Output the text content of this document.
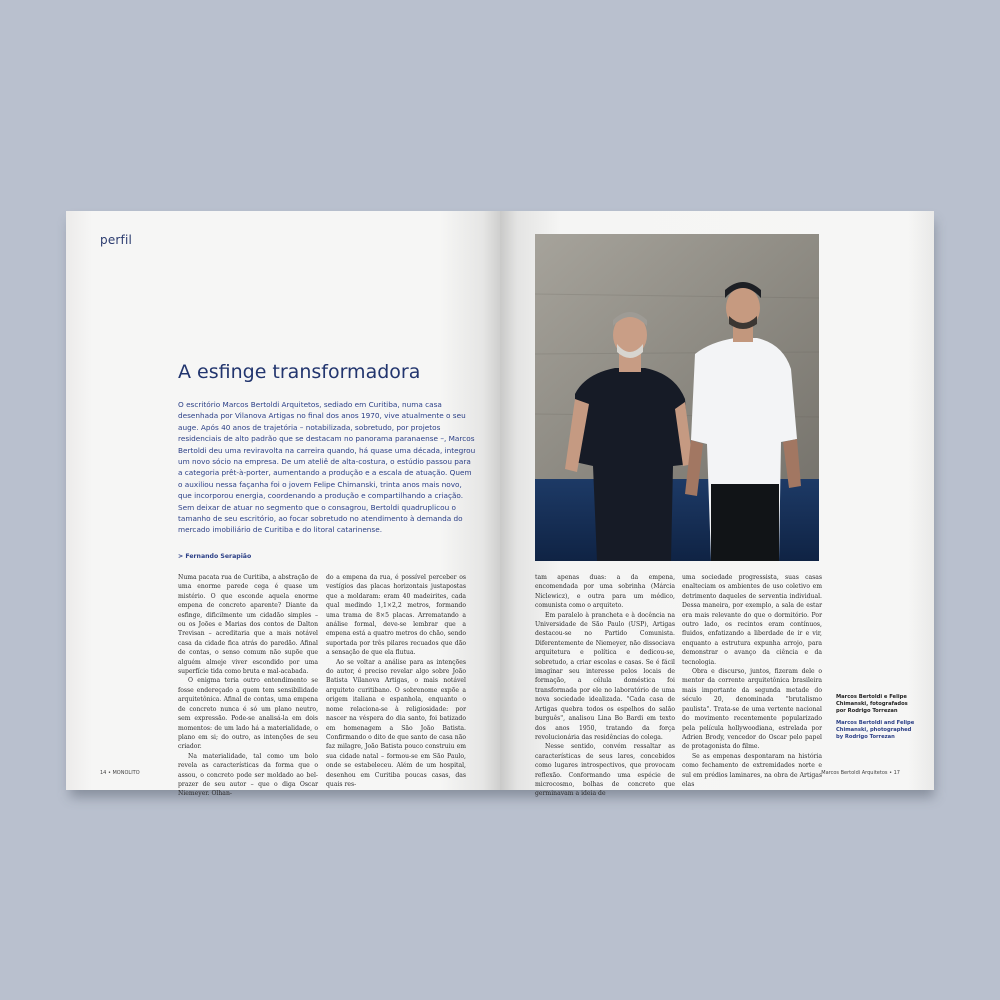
perfil
A esfinge transformadora
O escritório Marcos Bertoldi Arquitetos, sediado em Curitiba, numa casa desenhada por Vilanova Artigas no final dos anos 1970, vive atualmente o seu auge. Após 40 anos de trajetória – notabilizada, sobretudo, por projetos residenciais de alto padrão que se destacam no panorama paranaense –, Marcos Bertoldi deu uma reviravolta na carreira quando, há quase uma década, integrou um novo sócio na empresa. De um ateliê de alta-costura, o estúdio passou para a categoria prêt-à-porter, aumentando a produção e a escala de atuação. Quem o auxiliou nessa façanha foi o jovem Felipe Chimanski, trinta anos mais novo, que incorporou energia, coordenando a produção e compartilhando a criação. Sem deixar de atuar no segmento que o consagrou, Bertoldi quadruplicou o tamanho de seu escritório, ao focar sobretudo no atendimento à demanda do mercado imobiliário de Curitiba e do litoral catarinense.
> Fernando Serapião

Numa pacata rua de Curitiba, a abstração de uma enorme parede cega é quase um mistério. O que esconde aquela enorme empena de concreto aparente? Diante da esfinge, dificilmente um cidadão simples – ou os Joões e Marias dos contos de Dalton Trevisan – acreditaria que a mais notável casa da cidade fica atrás do paredão. Afinal de contas, o senso comum não supõe que alguém almeje viver escondido por uma superfície tida como bruta e mal-acabada.

O enigma teria outro entendimento se fosse endereçado a quem tem sensibilidade arquitetônica. Afinal de contas, uma empena de concreto nunca é só um plano neutro, sem expressão. Pode-se analisá-la em dois momentos: de um lado há a materialidade, o plano em si; do outro, as intenções de seu criador.

Na materialidade, tal como um bolo revela as características da forma que o assou, o concreto pode ser moldado ao bel-prazer de seu autor – que o diga Oscar Niemeyer. Olhan-

do a empena da rua, é possível perceber os vestígios das placas horizontais justapostas que a moldaram: eram 40 madeirites, cada qual medindo 1,1×2,2 metros, formando uma trama de 8×5 placas. Arrematando a análise formal, deve-se lembrar que a empena está a quatro metros do chão, sendo suportada por três pilares recuados que dão a sensação de que ela flutua.

Ao se voltar a análise para as intenções do autor, é preciso revelar algo sobre João Batista Vilanova Artigas, o mais notável arquiteto curitibano. O sobrenome expõe a origem italiana e espanhola, enquanto o nome relaciona-se à religiosidade: por nascer na véspera do dia santo, foi batizado em homenagem a São João Batista. Confirmando o dito de que santo de casa não faz milagre, João Batista pouco construiu em sua cidade natal – formou-se em São Paulo, onde se estabeleceu. Além de um hospital, desenhou em Curitiba poucas casas, das quais res-

14 • MONOLITO

tam apenas duas: a da empena, encomendada por uma sobrinha (Márcia Niclewicz), e outra para um médico, comunista como o arquiteto.

Em paralelo à prancheta e à docência na Universidade de São Paulo (USP), Artigas destacou-se no Partido Comunista. Diferentemente de Niemeyer, não dissociava arquitetura e política e dedicou-se, sobretudo, a criar escolas e casas. Se é fácil imaginar seu interesse pelos locais de formação, a célula doméstica foi transformada por ele no laboratório de uma nova sociedade idealizada. "Cada casa de Artigas quebra todos os espelhos do salão burguês", analisou Lina Bo Bardi em texto dos anos 1950, tratando da força revolucionária das residências do colega.

Nesse sentido, convém ressaltar as características de seus lares, concebidos como lugares introspectivos, que provocam reflexão. Conformando uma espécie de microcosmo, bolhas de concreto que germinavam a ideia de

uma sociedade progressista, suas casas enalteciam os ambientes de uso coletivo em detrimento daqueles de serventia individual. Dessa maneira, por exemplo, a sala de estar era mais relevante do que o dormitório. Por outro lado, os recintos eram contínuos, fluidos, enfatizando a liberdade de ir e vir, enquanto a estrutura expunha arrojo, para demonstrar o avanço da ciência e da tecnologia.

Obra e discurso, juntos, fizeram dele o mentor da corrente arquitetônica brasileira mais importante da segunda metade do século 20, denominada "brutalismo paulista". Trata-se de uma vertente nacional do movimento recentemente popularizado pela película hollywoodiana, estrelada por Adrien Brody, vencedor do Oscar pelo papel de protagonista do filme.

Se as empenas despontaram na história como fechamento de extremidades norte e sul em prédios laminares, na obra de Artigas elas

Marcos Bertoldi e Felipe Chimanski, fotografados por Rodrigo Torrezan
Marcos Bertoldi and Felipe Chimanski, photographed by Rodrigo Torrezan
Marcos Bertoldi Arquitetos • 17
